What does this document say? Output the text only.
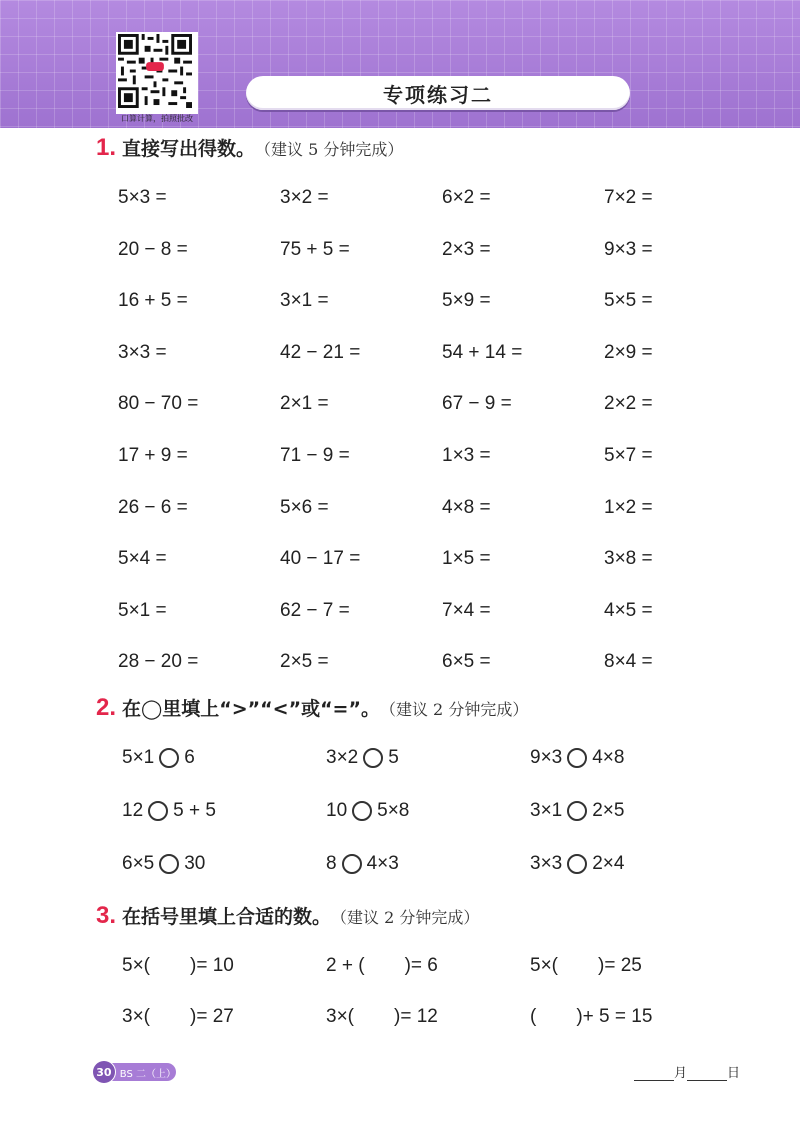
口算计算，拍照批改
专项练习二
1. 直接写出得数。 （建议 5 分钟完成）
5×3 =	3×2 =	6×2 =	7×2 =
20 − 8 =	75 + 5 =	2×3 =	9×3 =
16 + 5 =	3×1 =	5×9 =	5×5 =
3×3 =	42 − 21 =	54 + 14 =	2×9 =
80 − 70 =	2×1 =	67 − 9 =	2×2 =
17 + 9 =	71 − 9 =	1×3 =	5×7 =
26 − 6 =	5×6 =	4×8 =	1×2 =
5×4 =	40 − 17 =	1×5 =	3×8 =
5×1 =	62 − 7 =	7×4 =	4×5 =
28 − 20 =	2×5 =	6×5 =	8×4 =
2. 在◯里填上“>”“<”或“=”。 （建议 2 分钟完成）
5×1 6	3×2 5	9×3 4×8
12 5 + 5	10 5×8	3×1 2×5
6×5 30	8 4×3	3×3 2×4
3. 在括号里填上合适的数。 （建议 2 分钟完成）
5×( )= 10	2 + ( )= 6	5×( )= 25
3×( )= 27	3×( )= 12	( )+ 5 = 15
30 BS 二（上）	月	日
